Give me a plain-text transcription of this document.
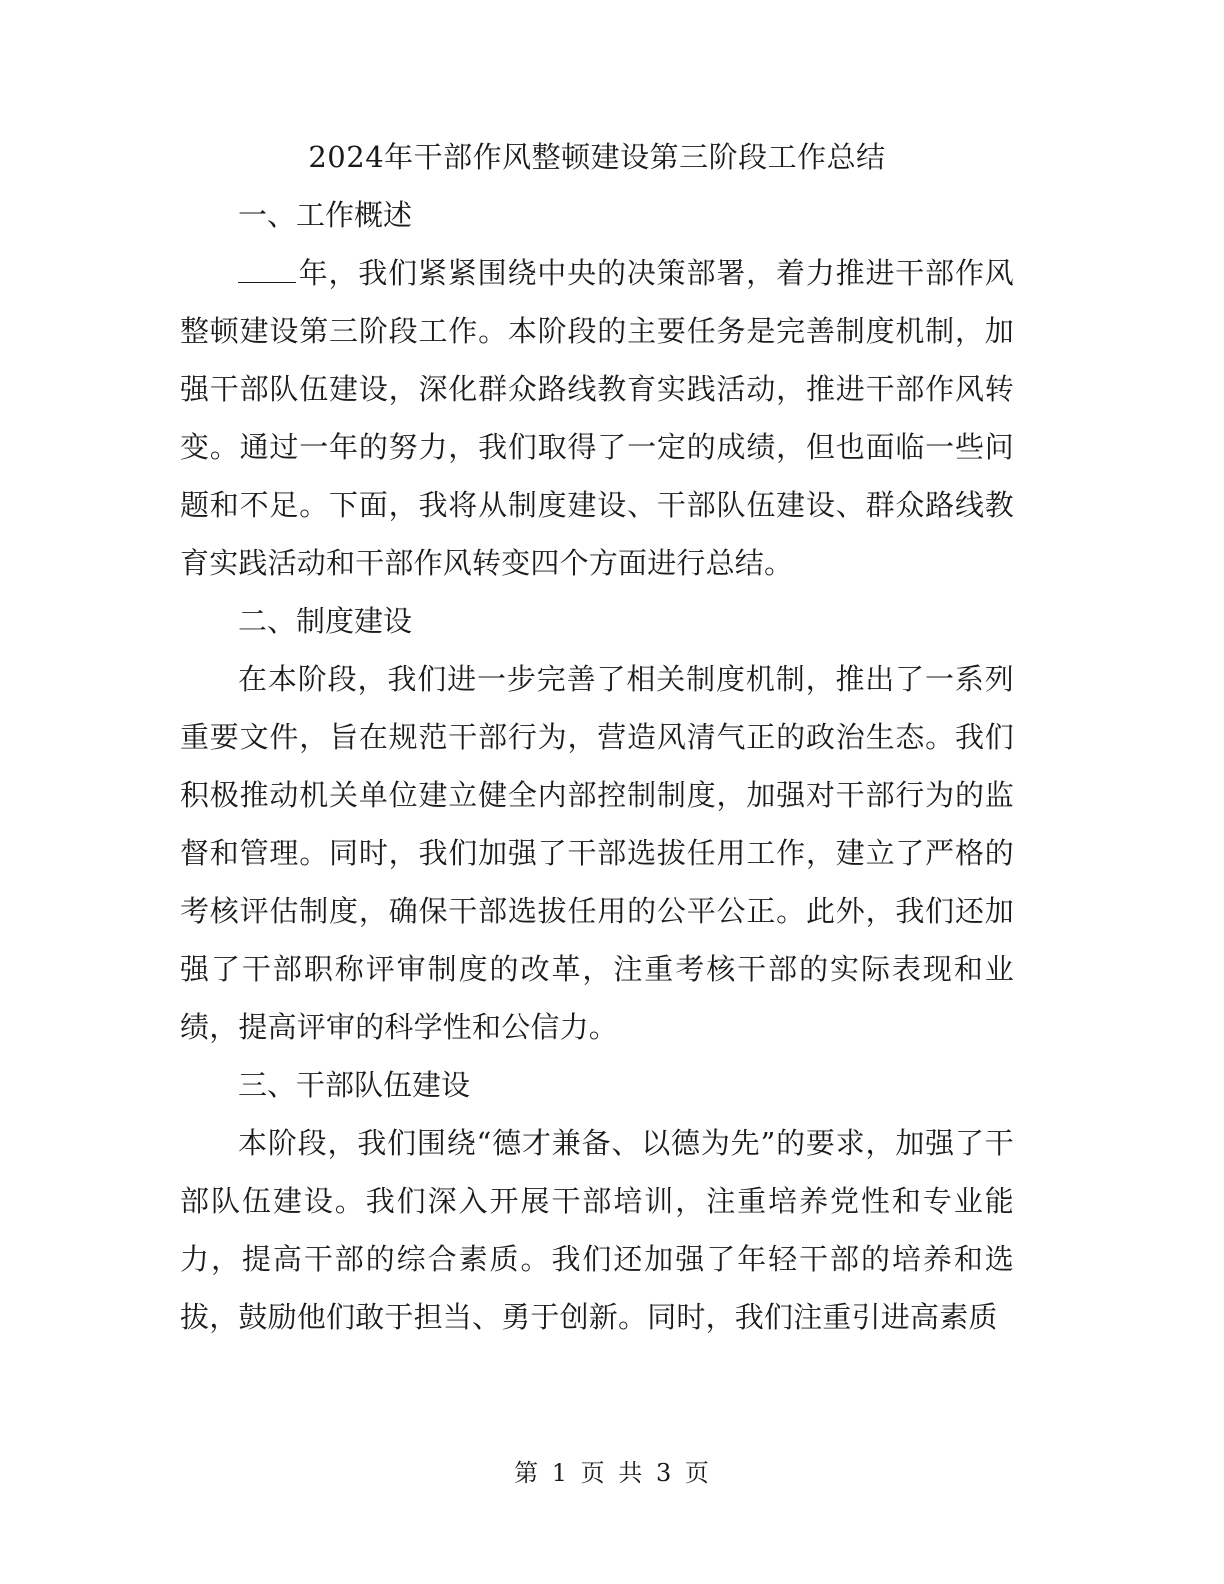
2024年干部作风整顿建设第三阶段工作总结

一、工作概述

年，我们紧紧围绕中央的决策部署，着力推进干部作风整顿建设第三阶段工作。本阶段的主要任务是完善制度机制，加强干部队伍建设，深化群众路线教育实践活动，推进干部作风转变。通过一年的努力，我们取得了一定的成绩，但也面临一些问题和不足。下面，我将从制度建设、干部队伍建设、群众路线教育实践活动和干部作风转变四个方面进行总结。

二、制度建设

在本阶段，我们进一步完善了相关制度机制，推出了一系列重要文件，旨在规范干部行为，营造风清气正的政治生态。我们积极推动机关单位建立健全内部控制制度，加强对干部行为的监督和管理。同时，我们加强了干部选拔任用工作，建立了严格的考核评估制度，确保干部选拔任用的公平公正。此外，我们还加强了干部职称评审制度的改革，注重考核干部的实际表现和业绩，提高评审的科学性和公信力。

三、干部队伍建设

本阶段，我们围绕“德才兼备、以德为先”的要求，加强了干部队伍建设。我们深入开展干部培训，注重培养党性和专业能力，提高干部的综合素质。我们还加强了年轻干部的培养和选拔，鼓励他们敢于担当、勇于创新。同时，我们注重引进高素质

第 1 页 共 3 页
